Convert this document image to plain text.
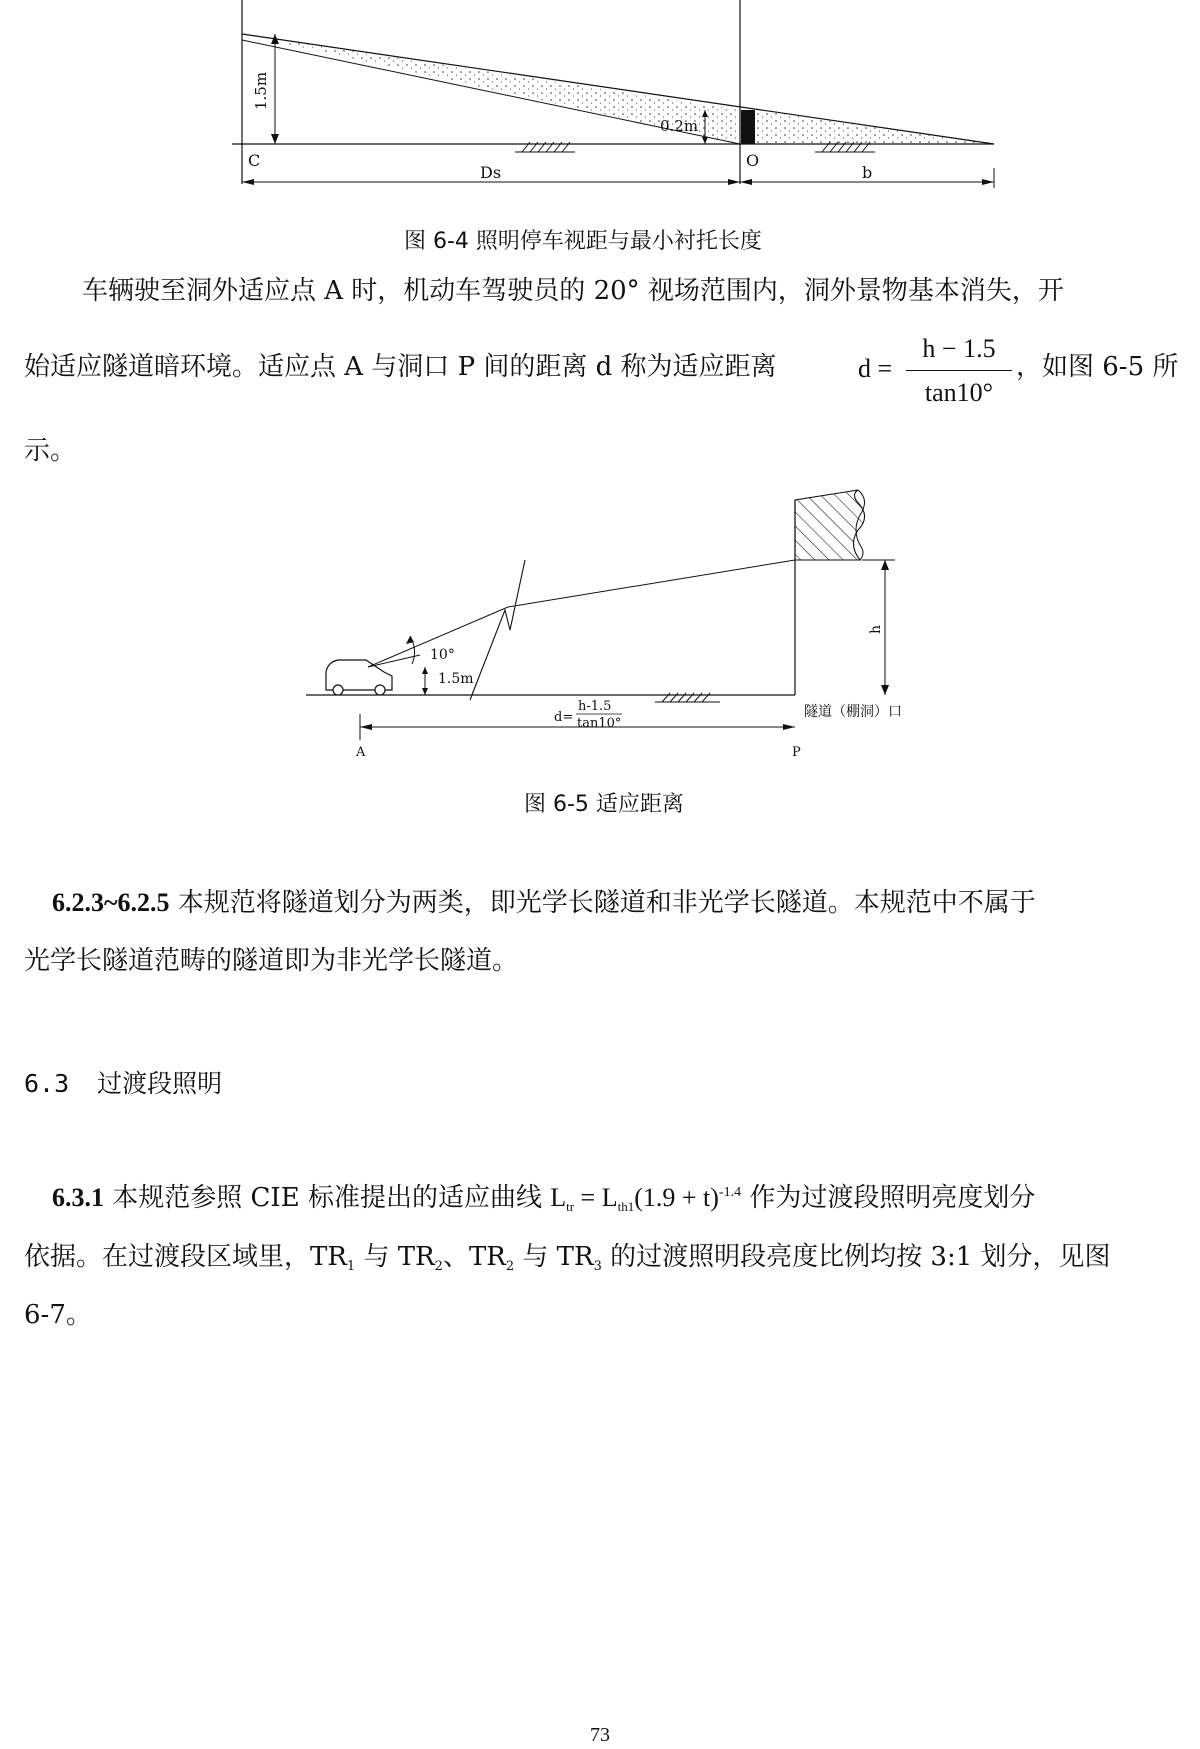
1.5m
0.2m
C	O
Ds	b
图 6-4 照明停车视距与最小衬托长度
车辆驶至洞外适应点 A 时，机动车驾驶员的 20° 视场范围内，洞外景物基本消失，开
始适应隧道暗环境。适应点 A 与洞口 P 间的距离 d 称为适应距离	d =
h − 1.5
tan10°
，如图 6-5 所
示。
10°
1.5m
h
d=
h-1.5
tan10°
隧道（棚洞）口
A	P
图 6-5 适应距离
6.2.3~6.2.5 本规范将隧道划分为两类，即光学长隧道和非光学长隧道。本规范中不属于
光学长隧道范畴的隧道即为非光学长隧道。
6.3 过渡段照明
6.3.1 本规范参照 CIE 标准提出的适应曲线 $L_{tr} = L_{th1}(1.9 + t)^{-1.4}$ 作为过渡段照明亮度划分
依据。在过渡段区域里，$TR_1$ 与 $TR_2$、$TR_2$ 与 $TR_3$ 的过渡照明段亮度比例均按 3:1 划分，见图
6-7。
73
